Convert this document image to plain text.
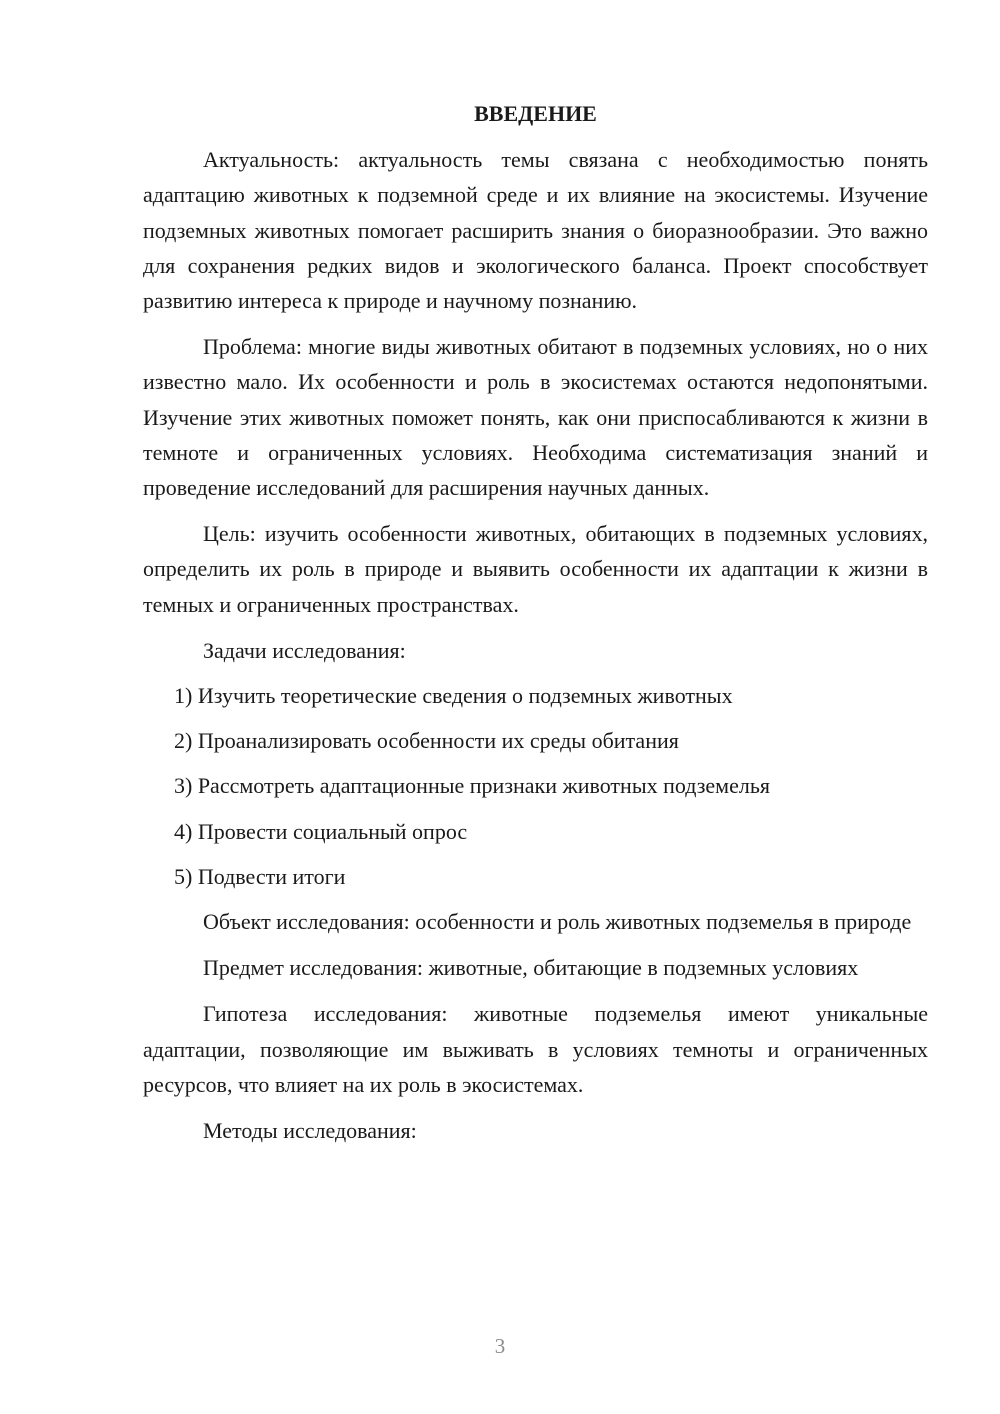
ВВЕДЕНИЕ

Актуальность: актуальность темы связана с необходимостью понять адаптацию животных к подземной среде и их влияние на экосистемы. Изучение подземных животных помогает расширить знания о биоразнообразии. Это важно для сохранения редких видов и экологического баланса. Проект способствует развитию интереса к природе и научному познанию.

Проблема: многие виды животных обитают в подземных условиях, но о них известно мало. Их особенности и роль в экосистемах остаются недопонятыми. Изучение этих животных поможет понять, как они приспосабливаются к жизни в темноте и ограниченных условиях. Необходима систематизация знаний и проведение исследований для расширения научных данных.

Цель: изучить особенности животных, обитающих в подземных условиях, определить их роль в природе и выявить особенности их адаптации к жизни в темных и ограниченных пространствах.

Задачи исследования:
1) Изучить теоретические сведения о подземных животных
2) Проанализировать особенности их среды обитания
3) Рассмотреть адаптационные признаки животных подземелья
4) Провести социальный опрос
5) Подвести итоги

Объект исследования: особенности и роль животных подземелья в природе

Предмет исследования: животные, обитающие в подземных условиях

Гипотеза исследования: животные подземелья имеют уникальные адаптации, позволяющие им выживать в условиях темноты и ограниченных ресурсов, что влияет на их роль в экосистемах.

Методы исследования:
3
